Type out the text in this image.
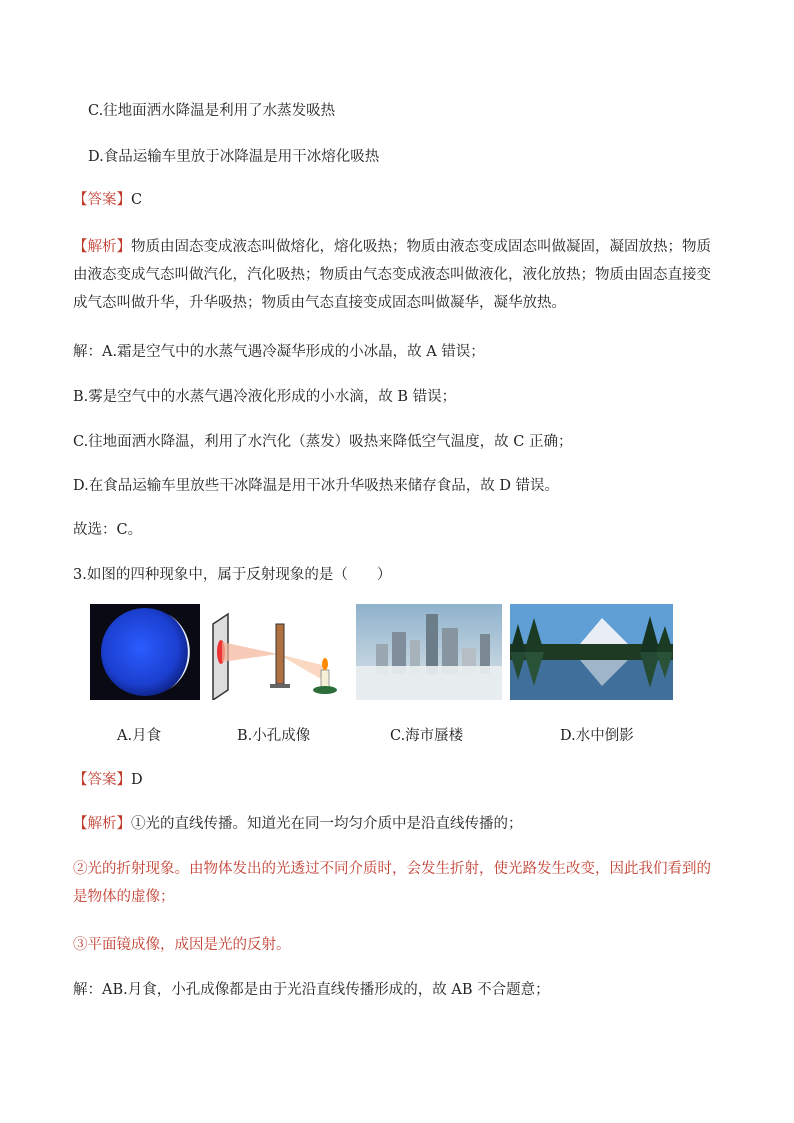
C.往地面洒水降温是利用了水蒸发吸热
D.食品运输车里放于冰降温是用干冰熔化吸热
【答案】C
【解析】物质由固态变成液态叫做熔化，熔化吸热；物质由液态变成固态叫做凝固，凝固放热；物质由液态变成气态叫做汽化，汽化吸热；物质由气态变成液态叫做液化，液化放热；物质由固态直接变成气态叫做升华，升华吸热；物质由气态直接变成固态叫做凝华，凝华放热。
解：A.霜是空气中的水蒸气遇冷凝华形成的小冰晶，故 A 错误；
B.雾是空气中的水蒸气遇冷液化形成的小水滴，故 B 错误；
C.往地面洒水降温，利用了水汽化（蒸发）吸热来降低空气温度，故 C 正确；
D.在食品运输车里放些干冰降温是用干冰升华吸热来储存食品，故 D 错误。
故选：C。
3.如图的四种现象中，属于反射现象的是（　　）
A.月食	B.小孔成像	C.海市蜃楼	D.水中倒影
【答案】D
【解析】①光的直线传播。知道光在同一均匀介质中是沿直线传播的；
②光的折射现象。由物体发出的光透过不同介质时，会发生折射，使光路发生改变，因此我们看到的是物体的虚像；
③平面镜成像，成因是光的反射。
解：AB.月食，小孔成像都是由于光沿直线传播形成的，故 AB 不合题意；
